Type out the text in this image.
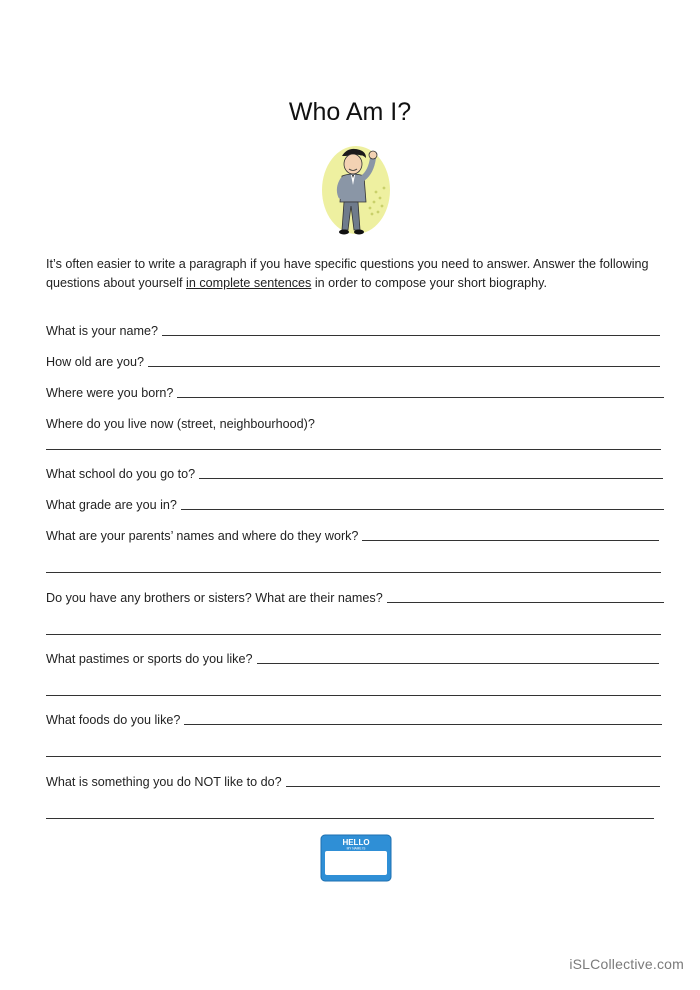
Who Am I?
It’s often easier to write a paragraph if you have specific questions you need to answer. Answer the following questions about yourself in complete sentences in order to compose your short biography.
What is your name?
How old are you?
Where were you born?
Where do you live now (street, neighbourhood)?
What school do you go to?
What grade are you in?
What are your parents’ names and where do they work?
Do you have any brothers or sisters? What are their names?
What pastimes or sports do you like?
What foods do you like?
What is something you do NOT like to do?
HELLO
MY NAME IS
iSLCollective.com
